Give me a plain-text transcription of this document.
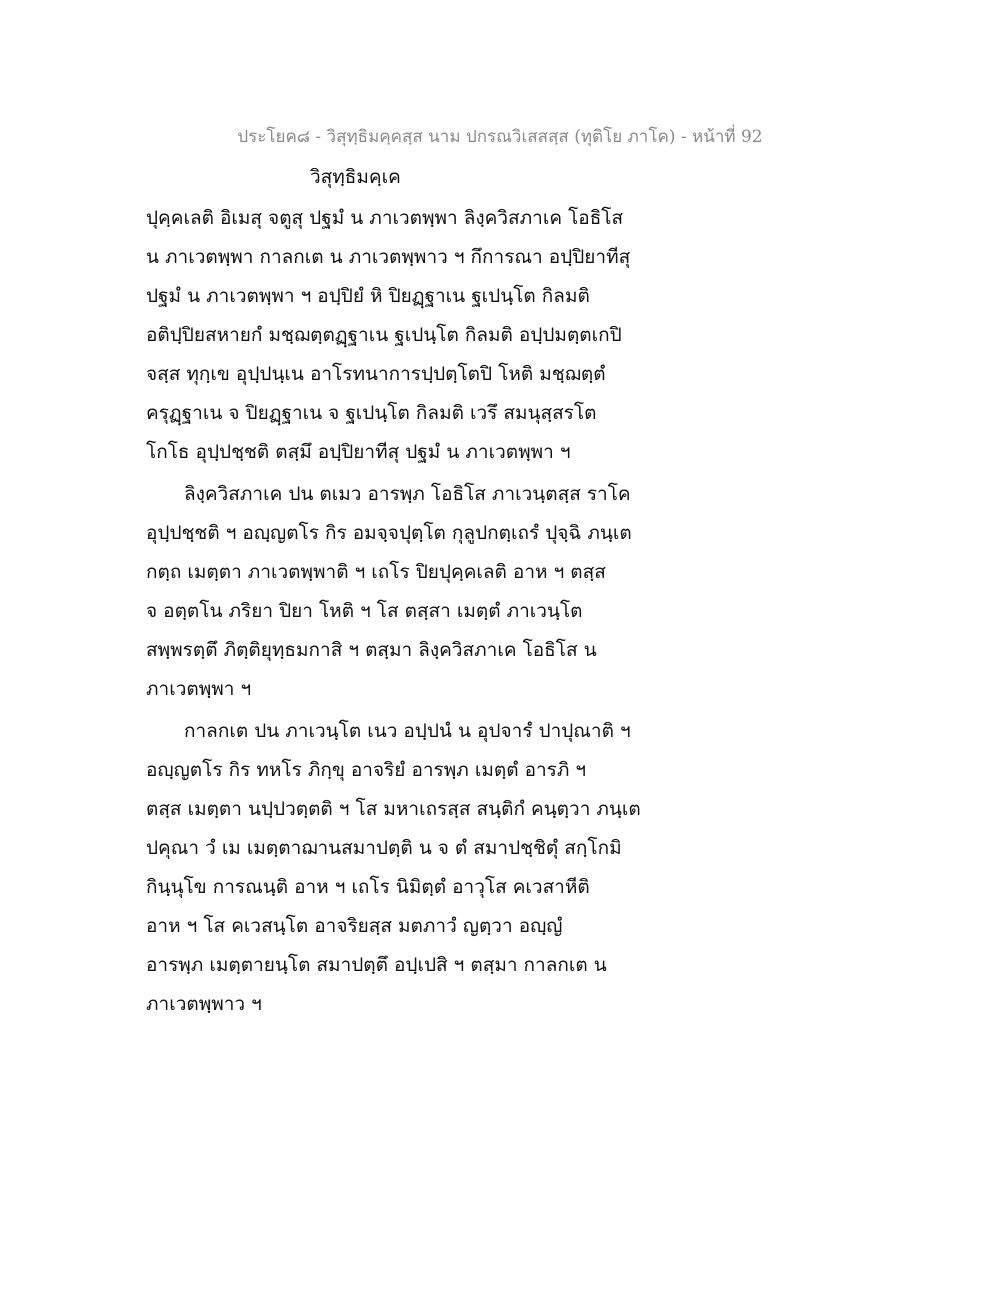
ประโยค๘ - วิสุทฺธิมคฺคสฺส นาม ปกรณวิเสสสฺส (ทุติโย ภาโค) - หน้าที่ 92
วิสุทฺธิมคฺเค
ปุคฺคเลติ อิเมสุ จตูสุ ปฐมํ น ภาเวตพฺพา ลิงฺควิสภาเค โอธิโส
น ภาเวตพฺพา กาลกเต น ภาเวตพฺพาว ฯ กึการณา อปฺปิยาทีสุ
ปฐมํ น ภาเวตพฺพา ฯ อปฺปิยํ หิ ปิยฏฺฐาเน ฐเปนฺโต กิลมติ
อติปฺปิยสหายกํ มชฺฌตฺตฏฺฐาเน ฐเปนฺโต กิลมติ อปฺปมตฺตเกปิ
จสฺส ทุกฺเข อุปฺปนฺเน อาโรทนาการปฺปตฺโตปิ โหติ มชฺฌตฺตํ
ครุฏฺฐาเน จ ปิยฏฺฐาเน จ ฐเปนฺโต กิลมติ เวรึ สมนุสฺสรโต
โกโธ อุปฺปชฺชติ ตสฺมึ อปฺปิยาทีสุ ปฐมํ น ภาเวตพฺพา ฯ
ลิงฺควิสภาเค ปน ตเมว อารพฺภ โอธิโส ภาเวนฺตสฺส ราโค
อุปฺปชฺชติ ฯ อญฺญตโร กิร อมจฺจปุตฺโต กุลูปกตฺเถรํ ปุจฺฉิ ภนฺเต
กตฺถ เมตฺตา ภาเวตพฺพาติ ฯ เถโร ปิยปุคฺคเลติ อาห ฯ ตสฺส
จ อตฺตโน ภริยา ปิยา โหติ ฯ โส ตสฺสา เมตฺตํ ภาเวนฺโต
สพฺพรตฺตึ ภิตฺติยุทฺธมกาสิ ฯ ตสฺมา ลิงฺควิสภาเค โอธิโส น
ภาเวตพฺพา ฯ
กาลกเต ปน ภาเวนฺโต เนว อปฺปนํ น อุปจารํ ปาปุณาติ ฯ
อญฺญตโร กิร ทหโร ภิกฺขุ อาจริยํ อารพฺภ เมตฺตํ อารภิ ฯ
ตสฺส เมตฺตา นปฺปวตฺตติ ฯ โส มหาเถรสฺส สนฺติกํ คนฺตฺวา ภนฺเต
ปคุณา วํ เม เมตฺตาฌานสมาปตฺติ น จ ตํ สมาปชฺชิตุํ สกฺโกมิ
กินฺนุโข การณนฺติ อาห ฯ เถโร นิมิตฺตํ อาวุโส คเวสาหีติ
อาห ฯ โส คเวสนฺโต อาจริยสฺส มตภาวํ ญตฺวา อญฺญํ
อารพฺภ เมตฺตายนฺโต สมาปตฺตึ อปฺเปสิ ฯ ตสฺมา กาลกเต น
ภาเวตพฺพาว ฯ
